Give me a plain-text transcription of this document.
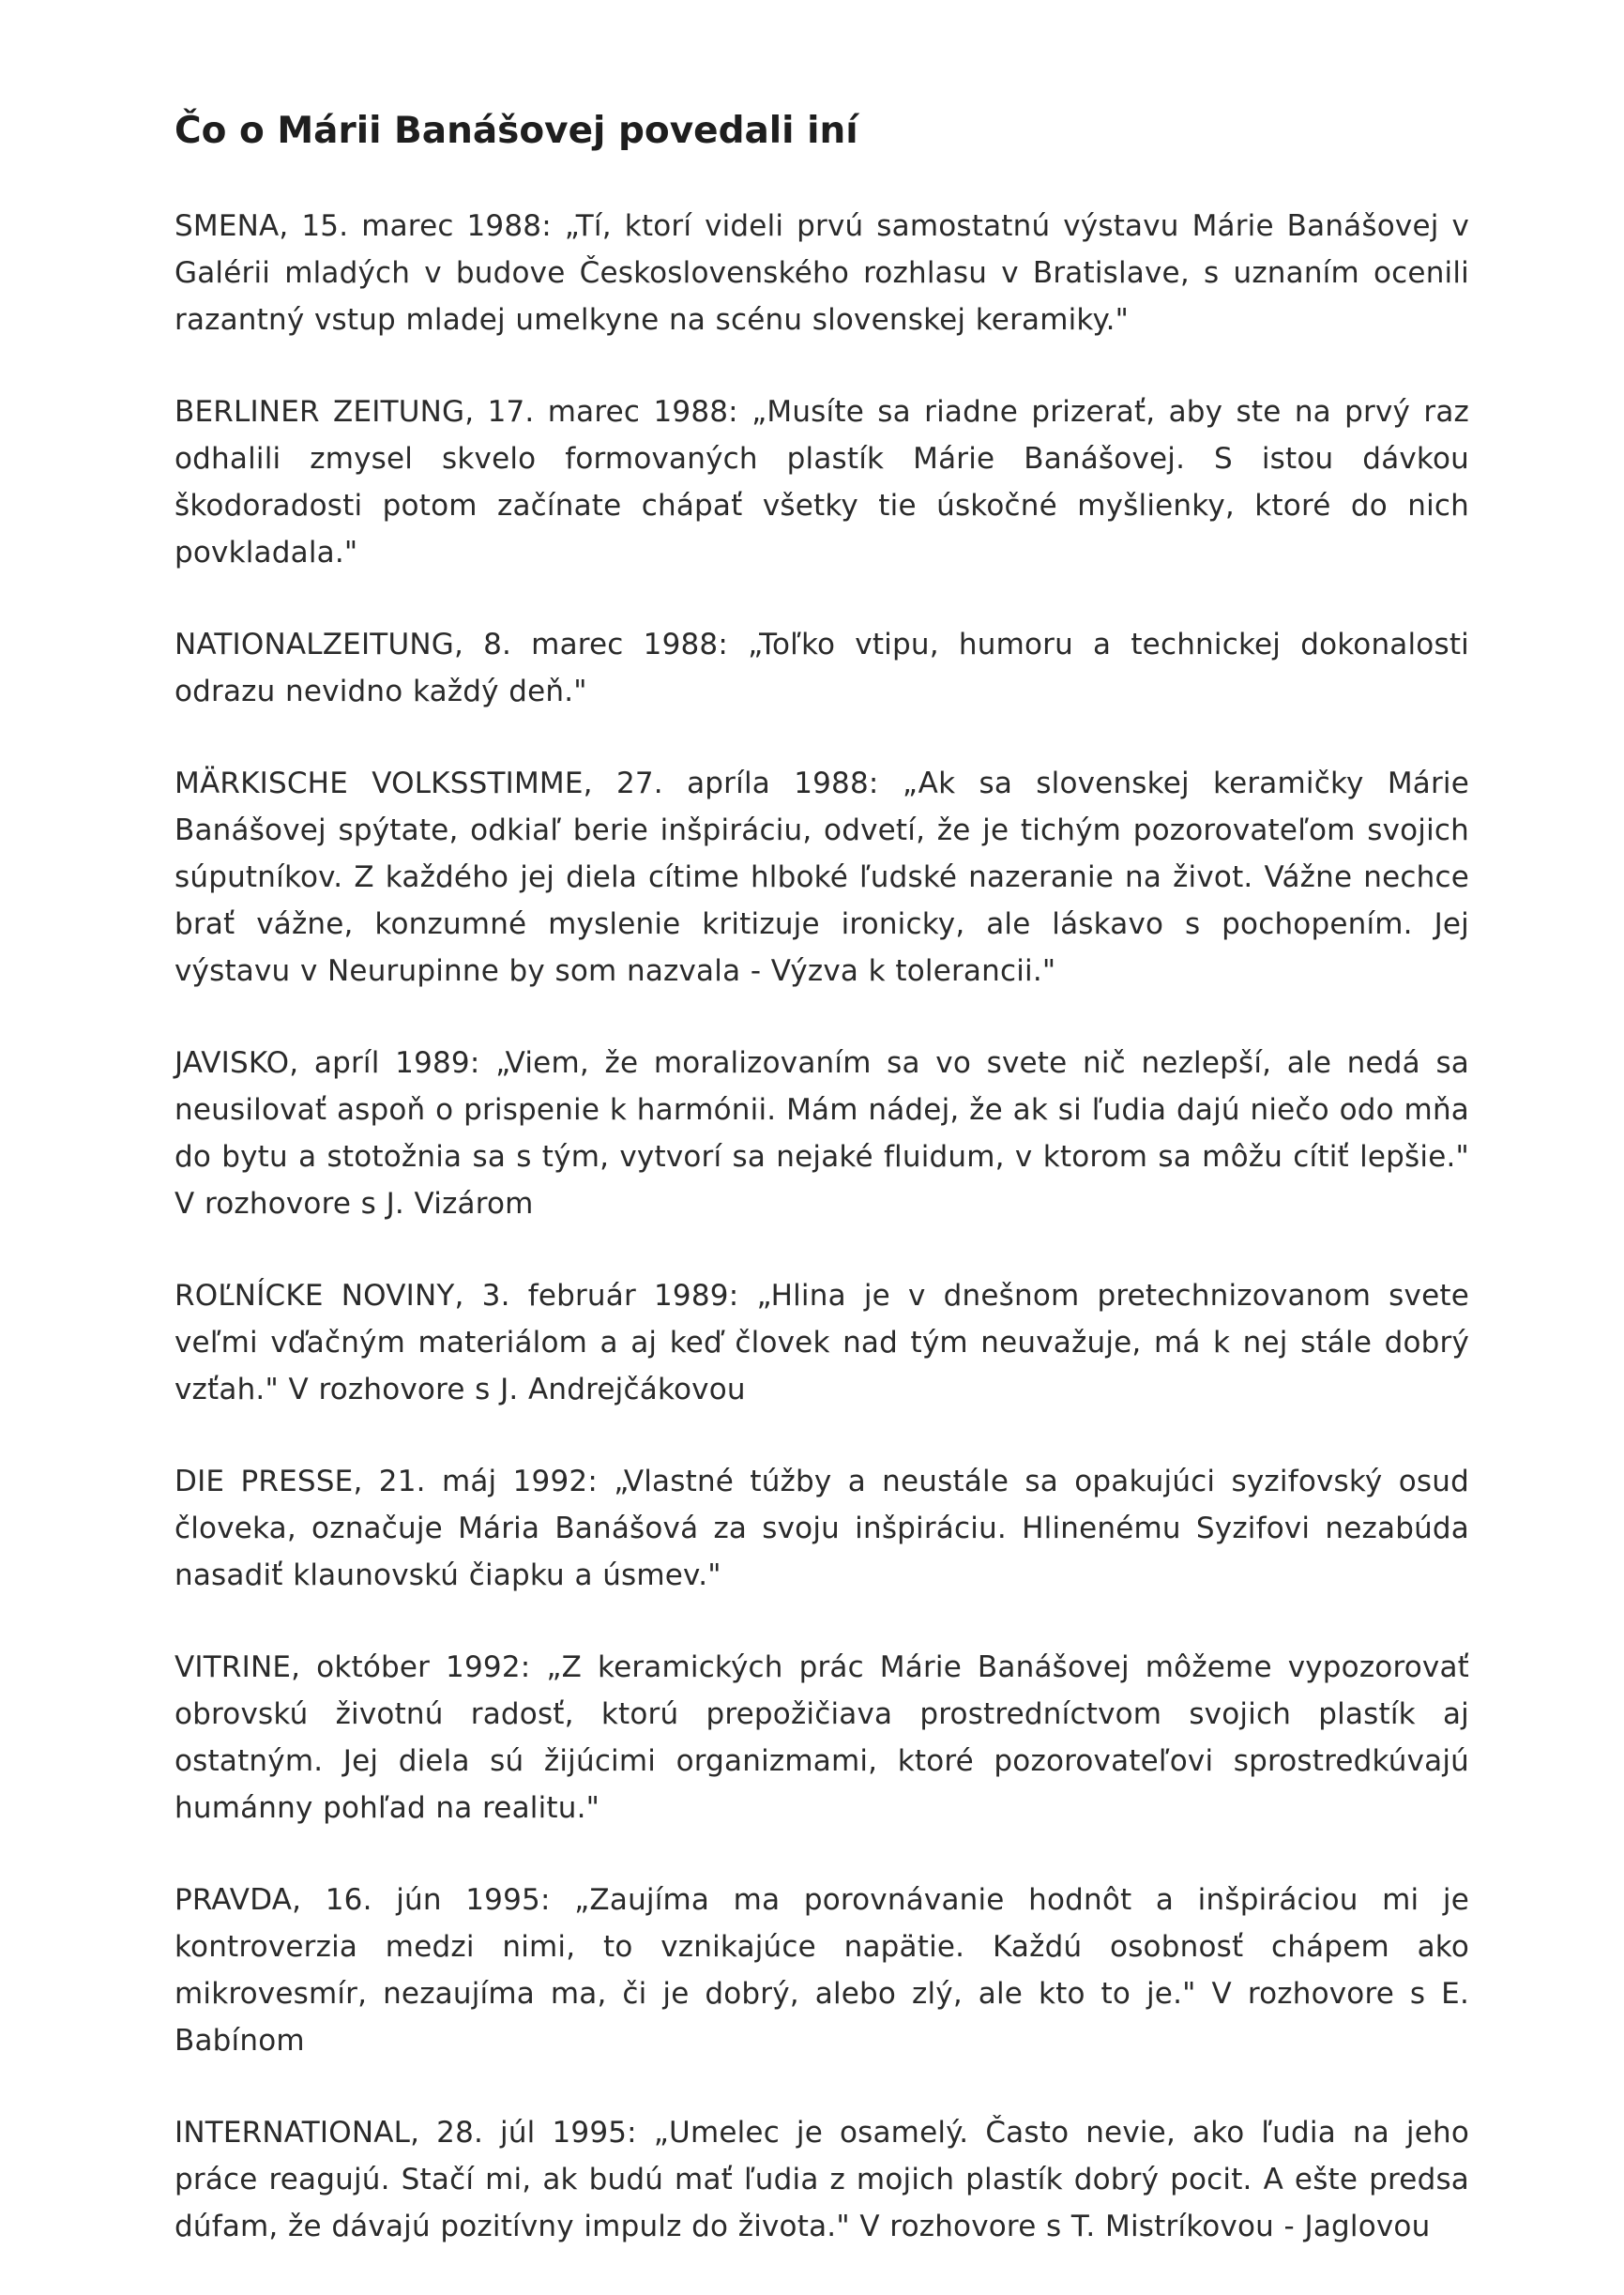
Čo o Márii Banášovej povedali iní
SMENA, 15. marec 1988: „Tí, ktorí videli prvú samostatnú výstavu Márie Banášovej v Galérii mladých v budove Československého rozhlasu v Bratislave, s uznaním ocenili razantný vstup mladej umelkyne na scénu slovenskej keramiky."
BERLINER ZEITUNG, 17. marec 1988: „Musíte sa riadne prizerať, aby ste na prvý raz odhalili zmysel skvelo formovaných plastík Márie Banášovej. S istou dávkou škodoradosti potom začínate chápať všetky tie úskočné myšlienky, ktoré do nich povkladala."
NATIONALZEITUNG, 8. marec 1988: „Toľko vtipu, humoru a technickej dokonalosti odrazu nevidno každý deň."
MÄRKISCHE VOLKSSTIMME, 27. apríla 1988: „Ak sa slovenskej keramičky Márie Banášovej spýtate, odkiaľ berie inšpiráciu, odvetí, že je tichým pozorovateľom svojich súputníkov. Z každého jej diela cítime hlboké ľudské nazeranie na život. Vážne nechce brať vážne, konzumné myslenie kritizuje ironicky, ale láskavo s pochopením. Jej výstavu v Neurupinne by som nazvala - Výzva k tolerancii."
JAVISKO, apríl 1989: „Viem, že moralizovaním sa vo svete nič nezlepší, ale nedá sa neusilovať aspoň o prispenie k harmónii. Mám nádej, že ak si ľudia dajú niečo odo mňa do bytu a stotožnia sa s tým, vytvorí sa nejaké fluidum, v ktorom sa môžu cítiť lepšie." V rozhovore s J. Vizárom
ROĽNÍCKE NOVINY, 3. február 1989: „Hlina je v dnešnom pretechnizovanom svete veľmi vďačným materiálom a aj keď človek nad tým neuvažuje, má k nej stále dobrý vzťah." V rozhovore s J. Andrejčákovou
DIE PRESSE, 21. máj 1992: „Vlastné túžby a neustále sa opakujúci syzifovský osud človeka, označuje Mária Banášová za svoju inšpiráciu. Hlinenému Syzifovi nezabúda nasadiť klaunovskú čiapku a úsmev."
VITRINE, október 1992: „Z keramických prác Márie Banášovej môžeme vypozorovať obrovskú životnú radosť, ktorú prepožičiava prostredníctvom svojich plastík aj ostatným. Jej diela sú žijúcimi organizmami, ktoré pozorovateľovi sprostredkúvajú humánny pohľad na realitu."
PRAVDA, 16. jún 1995: „Zaujíma ma porovnávanie hodnôt a inšpiráciou mi je kontroverzia medzi nimi, to vznikajúce napätie. Každú osobnosť chápem ako mikrovesmír, nezaujíma ma, či je dobrý, alebo zlý, ale kto to je." V rozhovore s E. Babínom
INTERNATIONAL, 28. júl 1995: „Umelec je osamelý. Často nevie, ako ľudia na jeho práce reagujú. Stačí mi, ak budú mať ľudia z mojich plastík dobrý pocit. A ešte predsa dúfam, že dávajú pozitívny impulz do života." V rozhovore s T. Mistríkovou - Jaglovou
